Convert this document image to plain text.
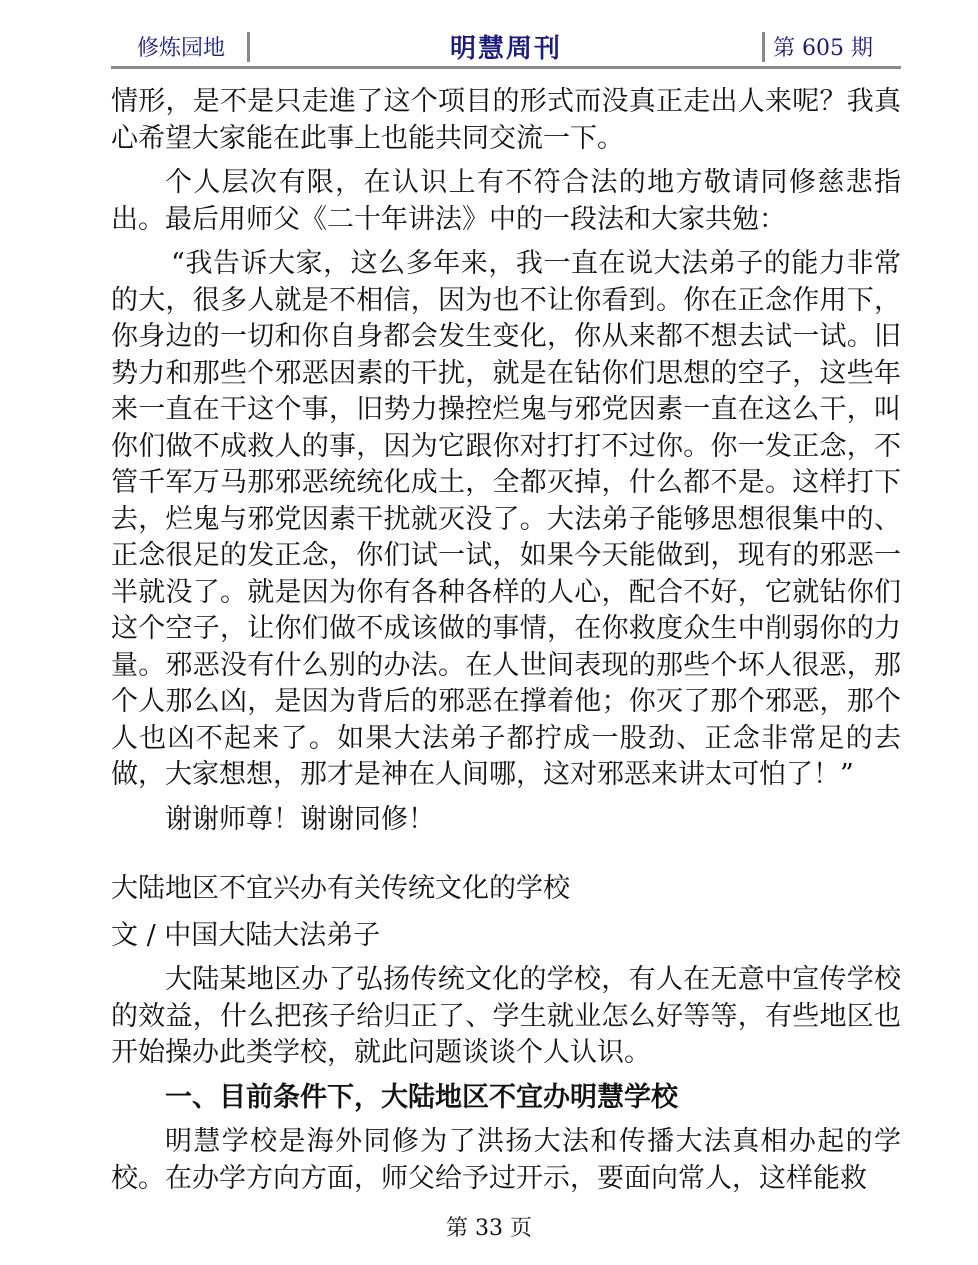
修炼园地	明慧周刊	第 605 期

情形，是不是只走進了这个项目的形式而没真正走出人来呢？我真心希望大家能在此事上也能共同交流一下。

个人层次有限，在认识上有不符合法的地方敬请同修慈悲指出。最后用师父《二十年讲法》中的一段法和大家共勉：

“我告诉大家，这么多年来，我一直在说大法弟子的能力非常的大，很多人就是不相信，因为也不让你看到。你在正念作用下，你身边的一切和你自身都会发生变化，你从来都不想去试一试。旧势力和那些个邪恶因素的干扰，就是在钻你们思想的空子，这些年来一直在干这个事，旧势力操控烂鬼与邪党因素一直在这么干，叫你们做不成救人的事，因为它跟你对打打不过你。你一发正念，不管千军万马那邪恶统统化成土，全都灭掉，什么都不是。这样打下去，烂鬼与邪党因素干扰就灭没了。大法弟子能够思想很集中的、正念很足的发正念，你们试一试，如果今天能做到，现有的邪恶一半就没了。就是因为你有各种各样的人心，配合不好，它就钻你们这个空子，让你们做不成该做的事情，在你救度众生中削弱你的力量。邪恶没有什么别的办法。在人世间表现的那些个坏人很恶，那个人那么凶，是因为背后的邪恶在撑着他；你灭了那个邪恶，那个人也凶不起来了。如果大法弟子都拧成一股劲、正念非常足的去做，大家想想，那才是神在人间哪，这对邪恶来讲太可怕了！”

谢谢师尊！谢谢同修！

大陆地区不宜兴办有关传统文化的学校

文 / 中国大陆大法弟子

大陆某地区办了弘扬传统文化的学校，有人在无意中宣传学校的效益，什么把孩子给归正了、学生就业怎么好等等，有些地区也开始操办此类学校，就此问题谈谈个人认识。

一、目前条件下，大陆地区不宜办明慧学校

明慧学校是海外同修为了洪扬大法和传播大法真相办起的学校。在办学方向方面，师父给予过开示，要面向常人，这样能救

第 33 页
